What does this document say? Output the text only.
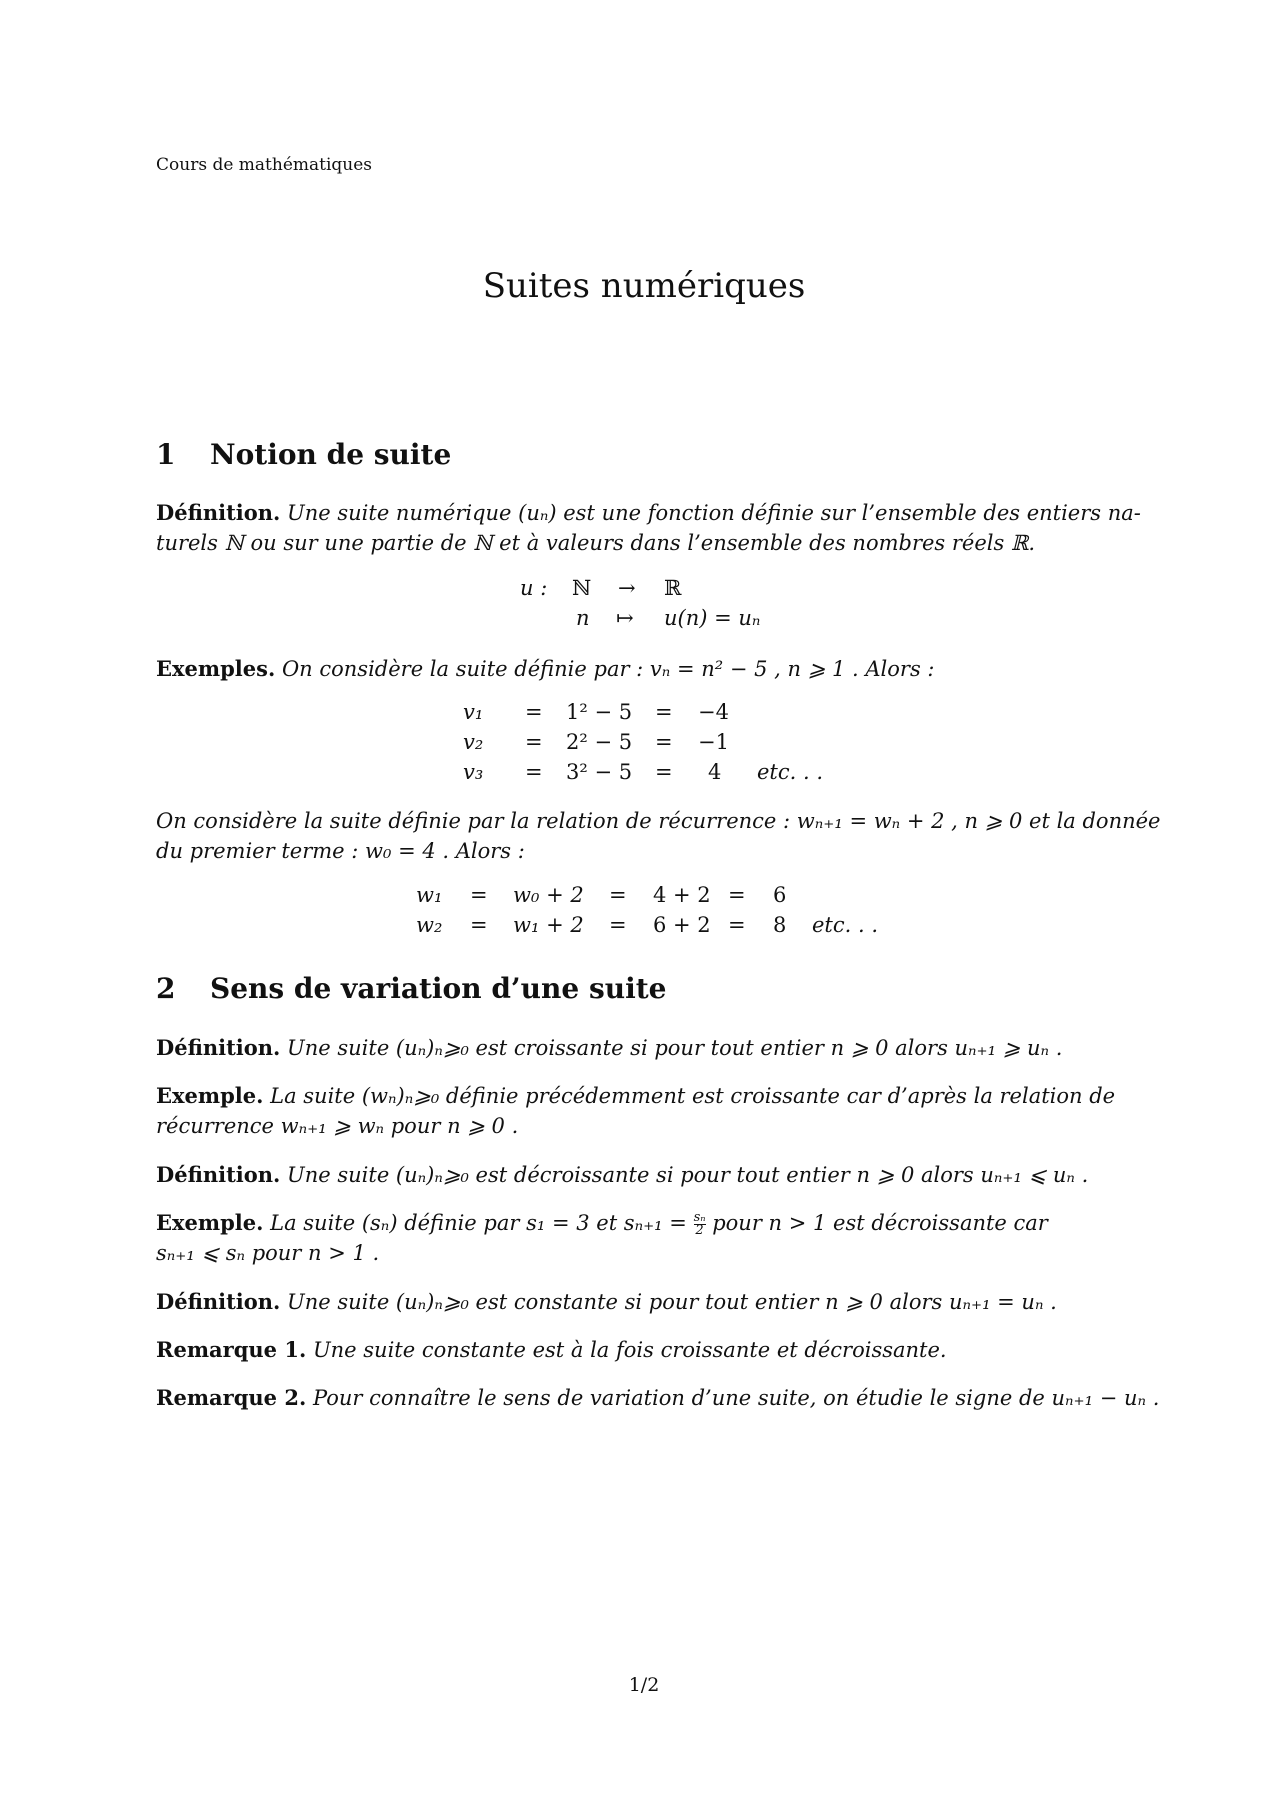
Cours de mathématiques
Suites numériques
1 Notion de suite
Définition. Une suite numérique (uₙ) est une fonction définie sur l’ensemble des entiers na-
turels ℕ ou sur une partie de ℕ et à valeurs dans l’ensemble des nombres réels ℝ.
u : ℕ → ℝ
n ↦ u(n) = uₙ
Exemples. On considère la suite définie par : vₙ = n² − 5 , n ⩾ 1 . Alors :
v₁ = 1² − 5 = −4
v₂ = 2² − 5 = −1
v₃ = 3² − 5 = 4 etc. . .
On considère la suite définie par la relation de récurrence : wₙ₊₁ = wₙ + 2 , n ⩾ 0 et la donnée
du premier terme : w₀ = 4 . Alors :
w₁ = w₀ + 2 = 4 + 2 = 6
w₂ = w₁ + 2 = 6 + 2 = 8 etc. . .
2 Sens de variation d’une suite
Définition. Une suite (uₙ)ₙ⩾₀ est croissante si pour tout entier n ⩾ 0 alors uₙ₊₁ ⩾ uₙ .
Exemple. La suite (wₙ)ₙ⩾₀ définie précédemment est croissante car d’après la relation de
récurrence wₙ₊₁ ⩾ wₙ pour n ⩾ 0 .
Définition. Une suite (uₙ)ₙ⩾₀ est décroissante si pour tout entier n ⩾ 0 alors uₙ₊₁ ⩽ uₙ .
Exemple. La suite (sₙ) définie par s₁ = 3 et $s_{n+1} = \frac{\text{sₙ}}{2}$ pour n > 1 est décroissante car
sₙ₊₁ ⩽ sₙ pour n > 1 .
Définition. Une suite (uₙ)ₙ⩾₀ est constante si pour tout entier n ⩾ 0 alors uₙ₊₁ = uₙ .
Remarque 1. Une suite constante est à la fois croissante et décroissante.
Remarque 2. Pour connaître le sens de variation d’une suite, on étudie le signe de uₙ₊₁ − uₙ .
1/2
